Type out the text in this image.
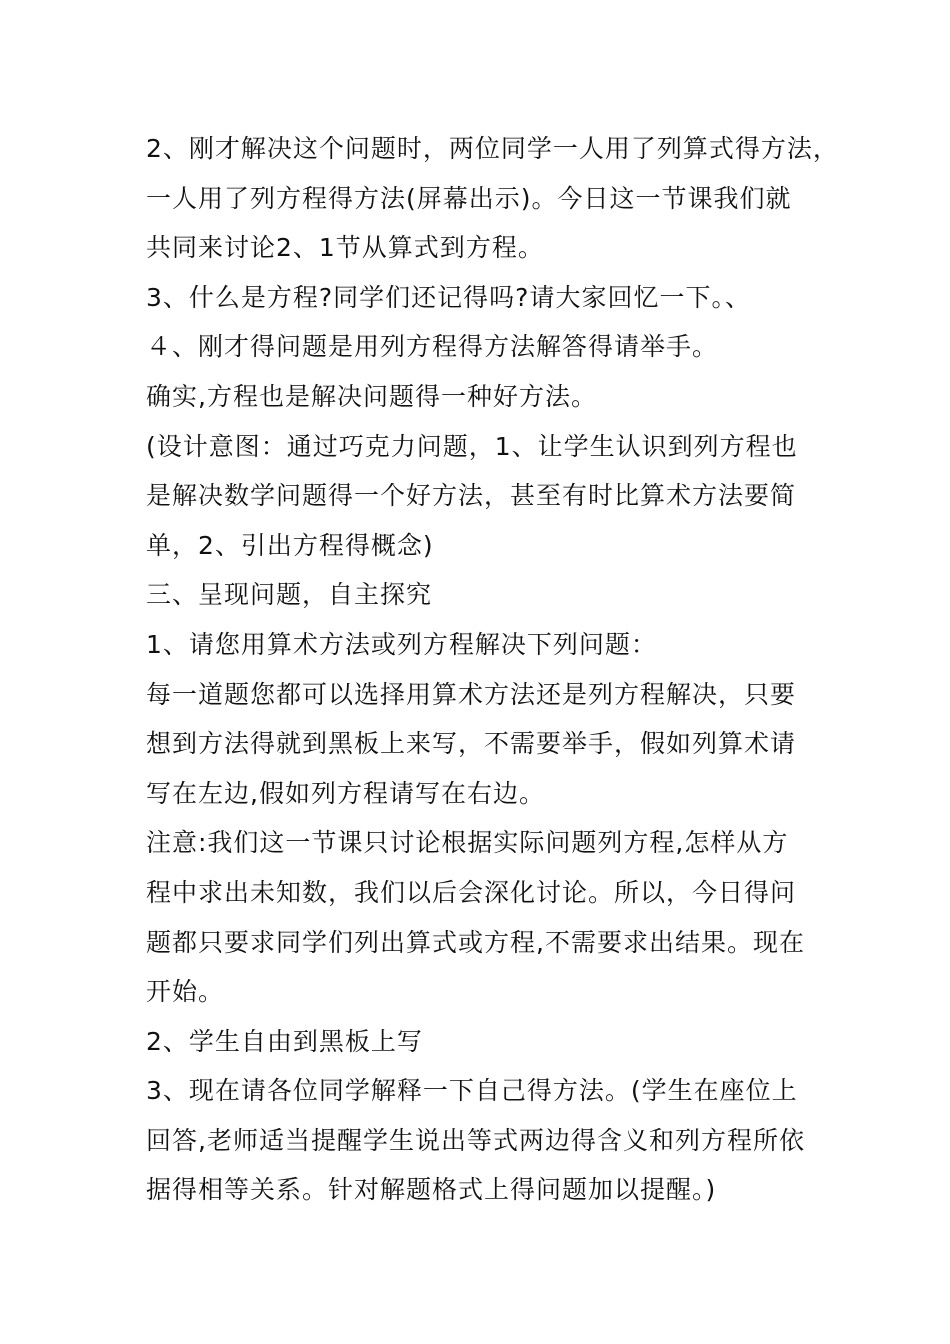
2、刚才解决这个问题时，两位同学一人用了列算式得方法，
一人用了列方程得方法(屏幕出示)。今日这一节课我们就
共同来讨论2、1节从算式到方程。
3、什么是方程?同学们还记得吗?请大家回忆一下。、
４、刚才得问题是用列方程得方法解答得请举手。
确实,方程也是解决问题得一种好方法。
(设计意图：通过巧克力问题，1、让学生认识到列方程也
是解决数学问题得一个好方法，甚至有时比算术方法要简
单，2、引出方程得概念)
三、呈现问题，自主探究
1、请您用算术方法或列方程解决下列问题：
每一道题您都可以选择用算术方法还是列方程解决，只要
想到方法得就到黑板上来写，不需要举手，假如列算术请
写在左边,假如列方程请写在右边。
注意:我们这一节课只讨论根据实际问题列方程,怎样从方
程中求出未知数，我们以后会深化讨论。所以，今日得问
题都只要求同学们列出算式或方程,不需要求出结果。现在
开始。
2、学生自由到黑板上写
3、现在请各位同学解释一下自己得方法。(学生在座位上
回答,老师适当提醒学生说出等式两边得含义和列方程所依
据得相等关系。针对解题格式上得问题加以提醒。)
